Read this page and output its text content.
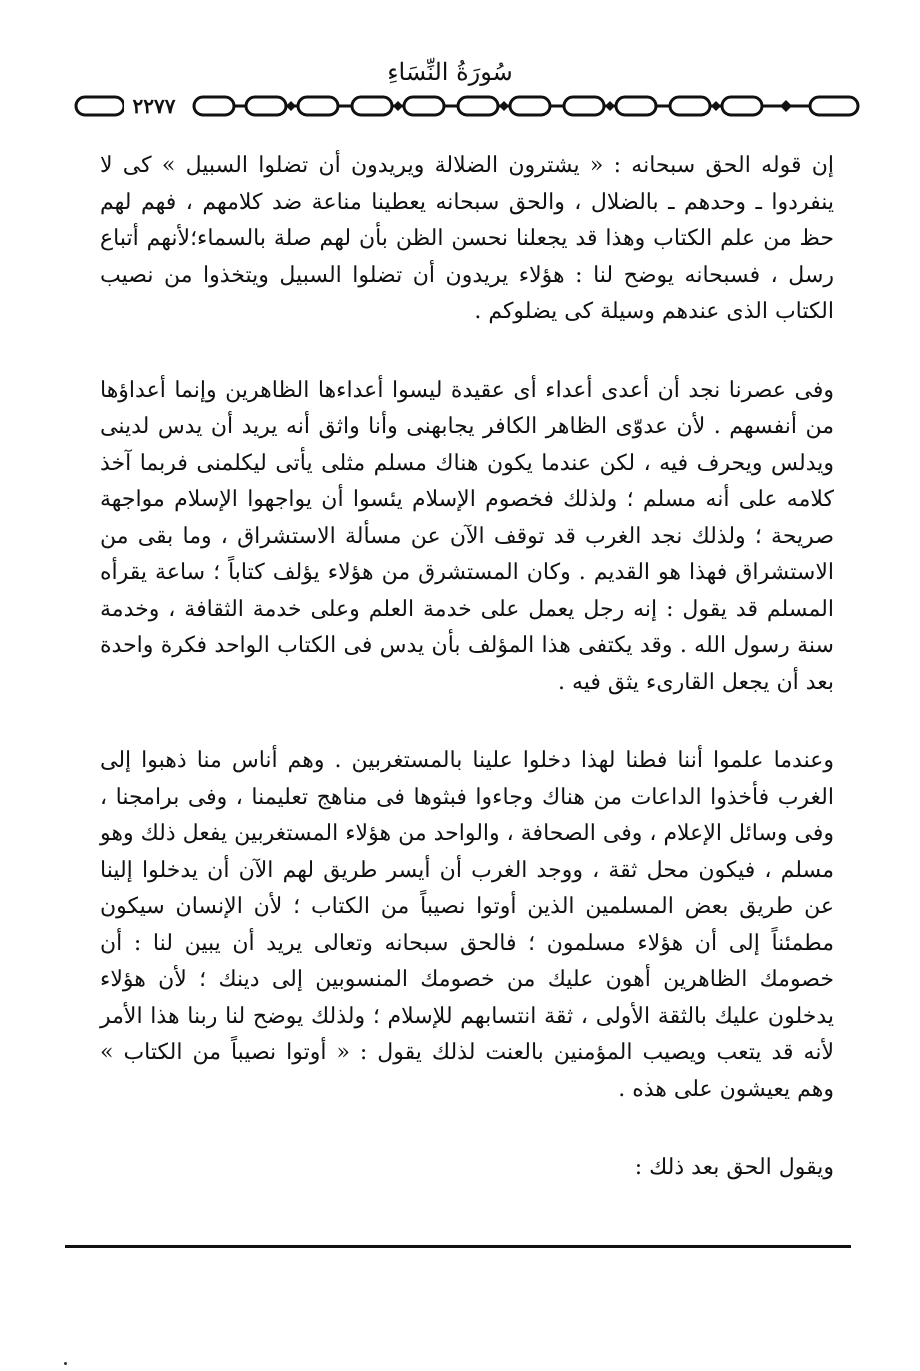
سُورَةُ النِّسَاءِ
٢٢٧٧

إن قوله الحق سبحانه : « يشترون الضلالة ويريدون أن تضلوا السبيل » كى لا ينفردوا ـ وحدهم ـ بالضلال ، والحق سبحانه يعطينا مناعة ضد كلامهم ، فهم لهم حظ من علم الكتاب وهذا قد يجعلنا نحسن الظن بأن لهم صلة بالسماء؛لأنهم أتباع رسل ، فسبحانه يوضح لنا : هؤلاء يريدون أن تضلوا السبيل ويتخذوا من نصيب الكتاب الذى عندهم وسيلة كى يضلوكم .

وفى عصرنا نجد أن أعدى أعداء أى عقيدة ليسوا أعداءها الظاهرين وإنما أعداؤها من أنفسهم . لأن عدوّى الظاهر الكافر يجابهنى وأنا واثق أنه يريد أن يدس لدينى ويدلس ويحرف فيه ، لكن عندما يكون هناك مسلم مثلى يأتى ليكلمنى فربما آخذ كلامه على أنه مسلم ؛ ولذلك فخصوم الإسلام يئسوا أن يواجهوا الإسلام مواجهة صريحة ؛ ولذلك نجد الغرب قد توقف الآن عن مسألة الاستشراق ، وما بقى من الاستشراق فهذا هو القديم . وكان المستشرق من هؤلاء يؤلف كتاباً ؛ ساعة يقرأه المسلم قد يقول : إنه رجل يعمل على خدمة العلم وعلى خدمة الثقافة ، وخدمة سنة رسول الله . وقد يكتفى هذا المؤلف بأن يدس فى الكتاب الواحد فكرة واحدة بعد أن يجعل القارىء يثق فيه .

وعندما علموا أننا فطنا لهذا دخلوا علينا بالمستغربين . وهم أناس منا ذهبوا إلى الغرب فأخذوا الداعات من هناك وجاءوا فبثوها فى مناهج تعليمنا ، وفى برامجنا ، وفى وسائل الإعلام ، وفى الصحافة ، والواحد من هؤلاء المستغربين يفعل ذلك وهو مسلم ، فيكون محل ثقة ، ووجد الغرب أن أيسر طريق لهم الآن أن يدخلوا إلينا عن طريق بعض المسلمين الذين أوتوا نصيباً من الكتاب ؛ لأن الإنسان سيكون مطمئناً إلى أن هؤلاء مسلمون ؛ فالحق سبحانه وتعالى يريد أن يبين لنا : أن خصومك الظاهرين أهون عليك من خصومك المنسوبين إلى دينك ؛ لأن هؤلاء يدخلون عليك بالثقة الأولى ، ثقة انتسابهم للإسلام ؛ ولذلك يوضح لنا ربنا هذا الأمر لأنه قد يتعب ويصيب المؤمنين بالعنت لذلك يقول : « أوتوا نصيباً من الكتاب » وهم يعيشون على هذه .

ويقول الحق بعد ذلك :
